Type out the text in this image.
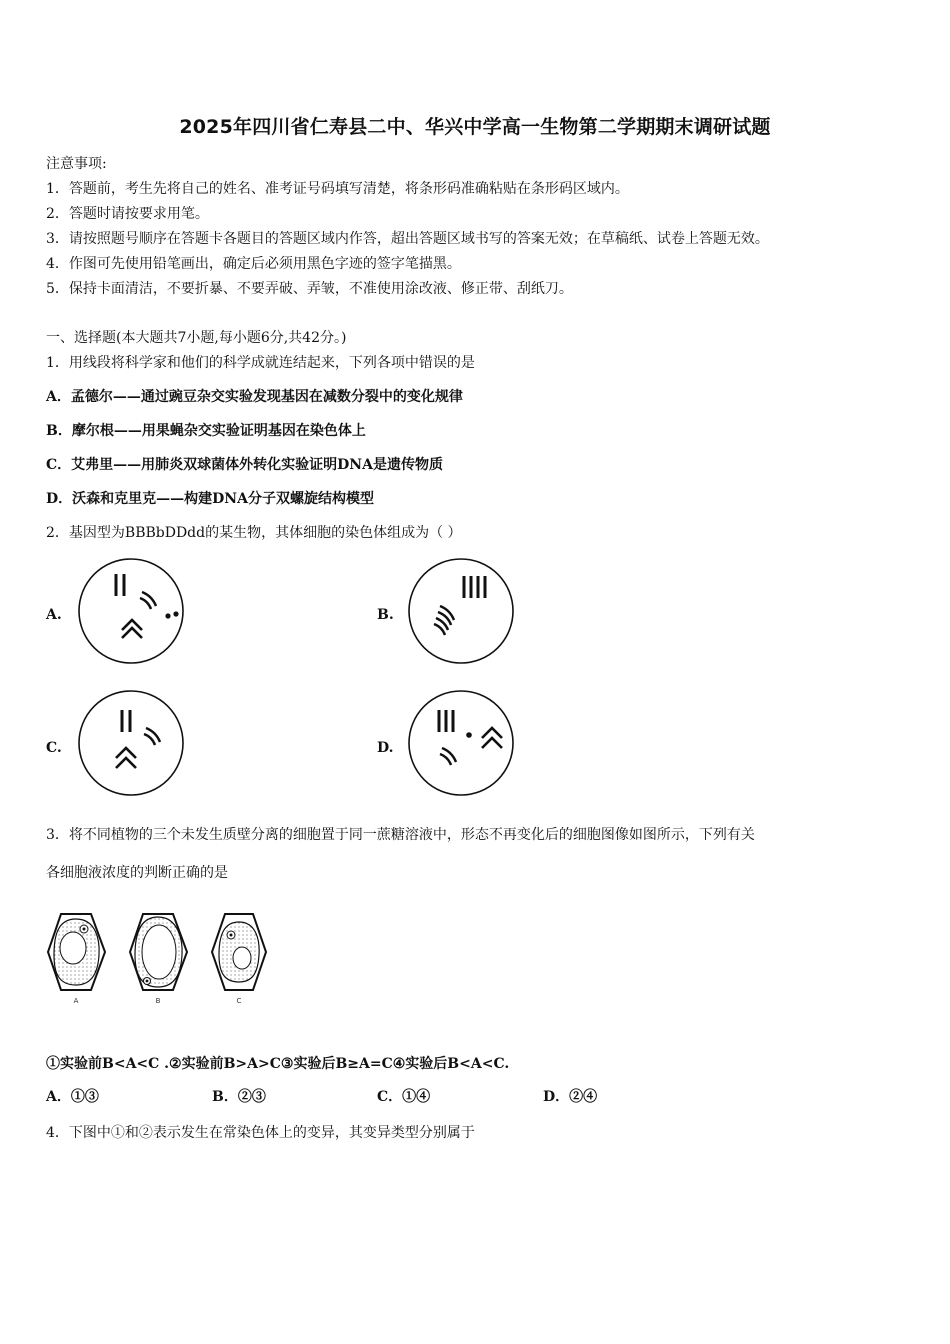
2025年四川省仁寿县二中、华兴中学高一生物第二学期期末调研试题
注意事项:
1．答题前，考生先将自己的姓名、准考证号码填写清楚，将条形码准确粘贴在条形码区域内。
2．答题时请按要求用笔。
3．请按照题号顺序在答题卡各题目的答题区域内作答，超出答题区域书写的答案无效；在草稿纸、试卷上答题无效。
4．作图可先使用铅笔画出，确定后必须用黑色字迹的签字笔描黑。
5．保持卡面清洁，不要折暴、不要弄破、弄皱，不准使用涂改液、修正带、刮纸刀。
一、选择题(本大题共7小题,每小题6分,共42分。)
1．用线段将科学家和他们的科学成就连结起来，下列各项中错误的是
A．孟德尔——通过豌豆杂交实验发现基因在减数分裂中的变化规律
B．摩尔根——用果蝇杂交实验证明基因在染色体上
C．艾弗里——用肺炎双球菌体外转化实验证明DNA是遗传物质
D．沃森和克里克——构建DNA分子双螺旋结构模型
2．基因型为BBBbDDdd的某生物，其体细胞的染色体组成为（ ）
A.	B.
C.	D.
3．将不同植物的三个未发生质壁分离的细胞置于同一蔗糖溶液中，形态不再变化后的细胞图像如图所示，下列有关
各细胞液浓度的判断正确的是
A	B	C
①实验前B<A<C .②实验前B>A>C③实验后B≥A=C④实验后B<A<C.
A．①③	B．②③	C．①④	D．②④
4．下图中①和②表示发生在常染色体上的变异，其变异类型分别属于
